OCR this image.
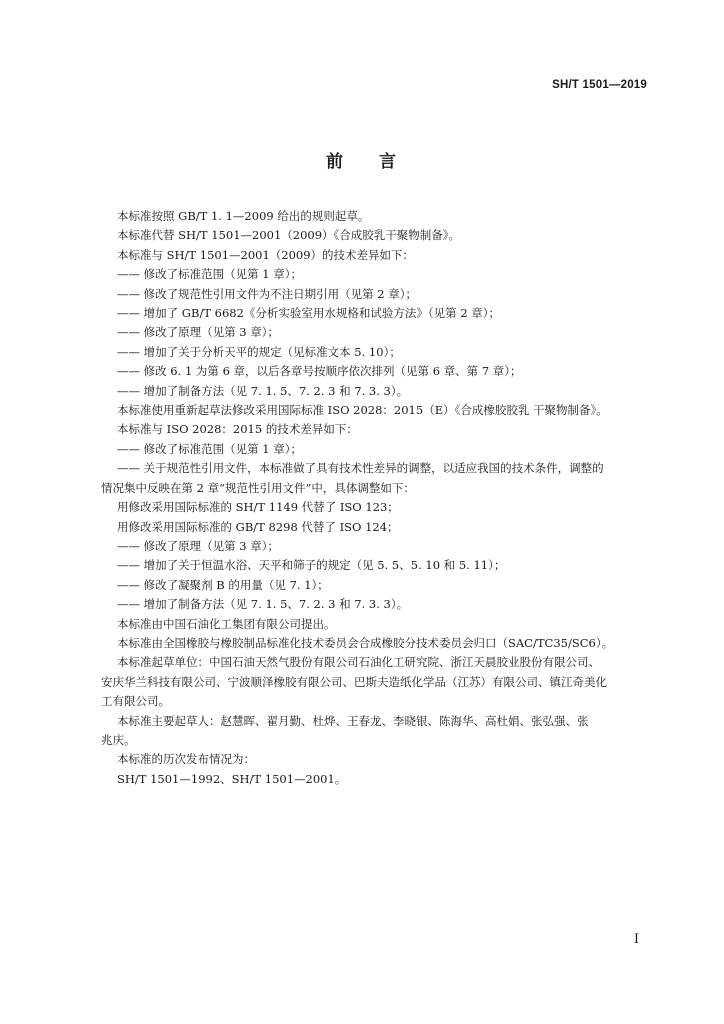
SH/T 1501—2019
前 言

本标准按照 GB/T 1. 1—2009 给出的规则起草。

本标准代替 SH/T 1501—2001（2009）《合成胶乳干聚物制备》。

本标准与 SH/T 1501—2001（2009）的技术差异如下：

—— 修改了标准范围（见第 1 章）；

—— 修改了规范性引用文件为不注日期引用（见第 2 章）；

—— 增加了 GB/T 6682《分析实验室用水规格和试验方法》（见第 2 章）；

—— 修改了原理（见第 3 章）；

—— 增加了关于分析天平的规定（见标准文本 5. 10）；

—— 修改 6. 1 为第 6 章，以后各章号按顺序依次排列（见第 6 章、第 7 章）；

—— 增加了制备方法（见 7. 1. 5、7. 2. 3 和 7. 3. 3）。

本标准使用重新起草法修改采用国际标准 ISO 2028：2015（E）《合成橡胶胶乳 干聚物制备》。

本标准与 ISO 2028：2015 的技术差异如下：

—— 修改了标准范围（见第 1 章）；

—— 关于规范性引用文件，本标准做了具有技术性差异的调整，以适应我国的技术条件，调整的

情况集中反映在第 2 章“规范性引用文件”中，具体调整如下：

用修改采用国际标准的 SH/T 1149 代替了 ISO 123；

用修改采用国际标准的 GB/T 8298 代替了 ISO 124；

—— 修改了原理（见第 3 章）；

—— 增加了关于恒温水浴、天平和筛子的规定（见 5. 5、5. 10 和 5. 11）；

—— 修改了凝聚剂 B 的用量（见 7. 1）；

—— 增加了制备方法（见 7. 1. 5、7. 2. 3 和 7. 3. 3）。

本标准由中国石油化工集团有限公司提出。

本标准由全国橡胶与橡胶制品标准化技术委员会合成橡胶分技术委员会归口（SAC/TC35/SC6）。

本标准起草单位：中国石油天然气股份有限公司石油化工研究院、浙江天晨胶业股份有限公司、

安庆华兰科技有限公司、宁波顺泽橡胶有限公司、巴斯夫造纸化学品（江苏）有限公司、镇江奇美化

工有限公司。

本标准主要起草人：赵慧晖、翟月勤、杜烨、王春龙、李晓银、陈海华、高杜娟、张弘强、张

兆庆。

本标准的历次发布情况为：

SH/T 1501—1992、SH/T 1501—2001。

I
